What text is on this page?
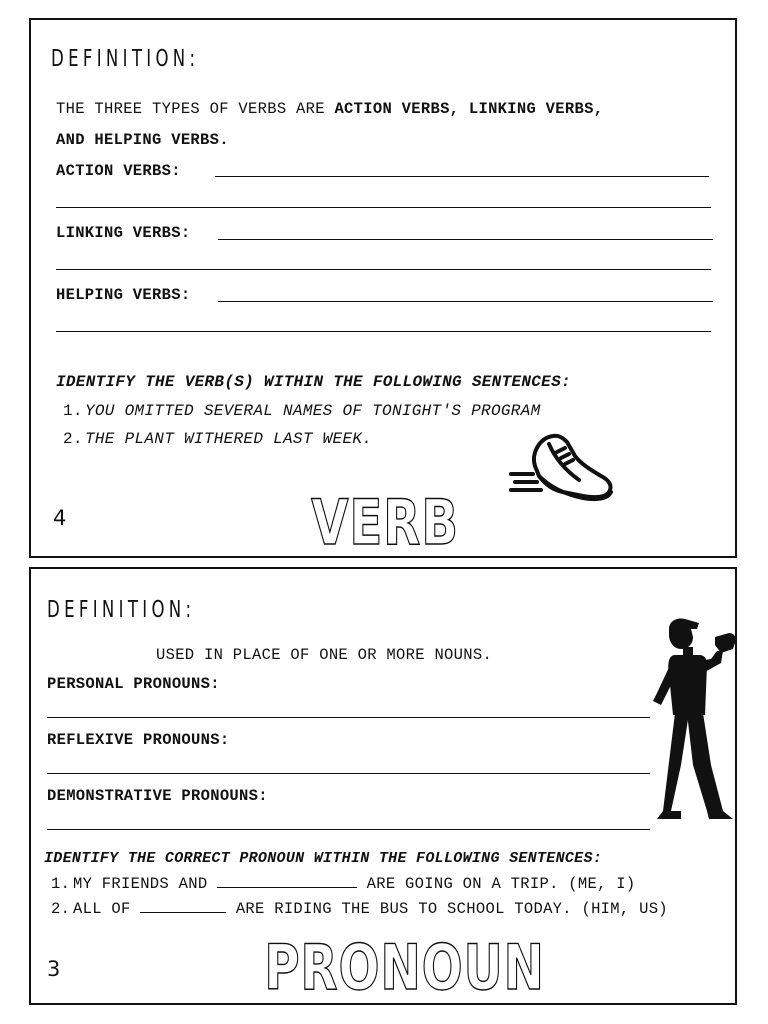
DEFINITION:
THE THREE TYPES OF VERBS ARE ACTION VERBS, LINKING VERBS,
AND HELPING VERBS.
ACTION VERBS:
LINKING VERBS:
HELPING VERBS:
IDENTIFY THE VERB(S) WITHIN THE FOLLOWING SENTENCES:
1. YOU OMITTED SEVERAL NAMES OF TONIGHT'S PROGRAM
2. THE PLANT WITHERED LAST WEEK.
4	VERB
DEFINITION:
USED IN PLACE OF ONE OR MORE NOUNS.
PERSONAL PRONOUNS:
REFLEXIVE PRONOUNS:
DEMONSTRATIVE PRONOUNS:
IDENTIFY THE CORRECT PRONOUN WITHIN THE FOLLOWING SENTENCES:
1. MY FRIENDS AND	ARE GOING ON A TRIP. (ME, I)
2. ALL OF	ARE RIDING THE BUS TO SCHOOL TODAY. (HIM, US)
3	PRONOUN
